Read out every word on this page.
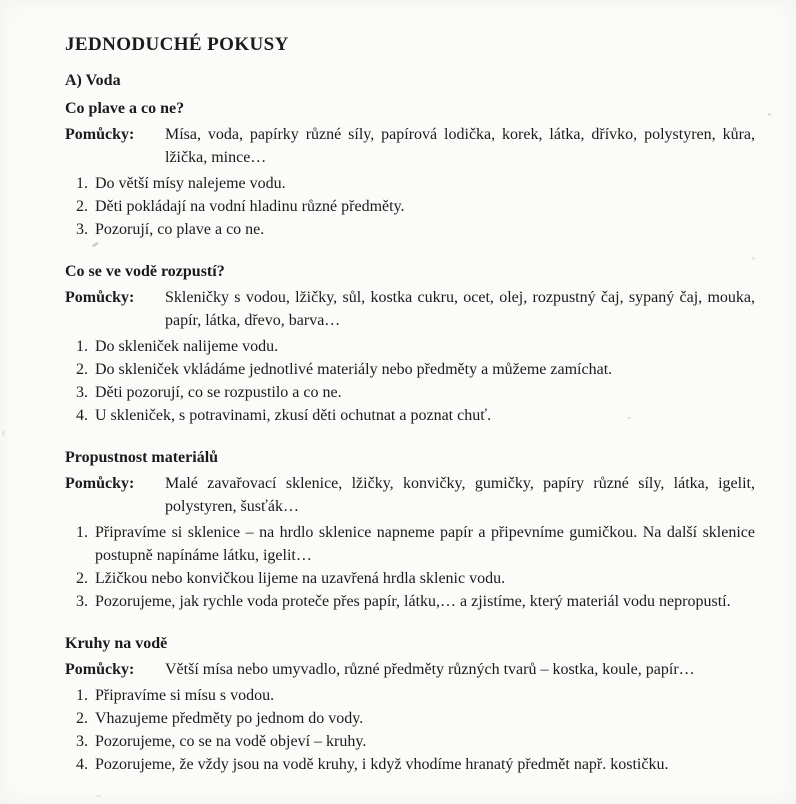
JEDNODUCHÉ POKUSY
A) Voda
Co plave a co ne?
Pomůcky:	Mísa, voda, papírky různé síly, papírová lodička, korek, látka, dřívko, polystyren, kůra, lžička, mince…

1. Do větší mísy nalejeme vodu.
2. Děti pokládají na vodní hladinu různé předměty.
3. Pozorují, co plave a co ne.
Co se ve vodě rozpustí?
Pomůcky:	Skleničky s vodou, lžičky, sůl, kostka cukru, ocet, olej, rozpustný čaj, sypaný čaj, mouka, papír, látka, dřevo, barva…

1. Do skleniček nalijeme vodu.
2. Do skleniček vkládáme jednotlivé materiály nebo předměty a můžeme zamíchat.
3. Děti pozorují, co se rozpustilo a co ne.
4. U skleniček, s potravinami, zkusí děti ochutnat a poznat chuť.
Propustnost materiálů
Pomůcky:	Malé zavařovací sklenice, lžičky, konvičky, gumičky, papíry různé síly, látka, igelit, polystyren, šusťák…

1. Připravíme si sklenice – na hrdlo sklenice napneme papír a připevníme gumičkou. Na další sklenice postupně napínáme látku, igelit…
2. Lžičkou nebo konvičkou lijeme na uzavřená hrdla sklenic vodu.
3. Pozorujeme, jak rychle voda proteče přes papír, látku,… a zjistíme, který materiál vodu nepropustí.
Kruhy na vodě
Pomůcky:	Větší mísa nebo umyvadlo, různé předměty různých tvarů – kostka, koule, papír…

1. Připravíme si mísu s vodou.
2. Vhazujeme předměty po jednom do vody.
3. Pozorujeme, co se na vodě objeví – kruhy.
4. Pozorujeme, že vždy jsou na vodě kruhy, i když vhodíme hranatý předmět např. kostičku.
